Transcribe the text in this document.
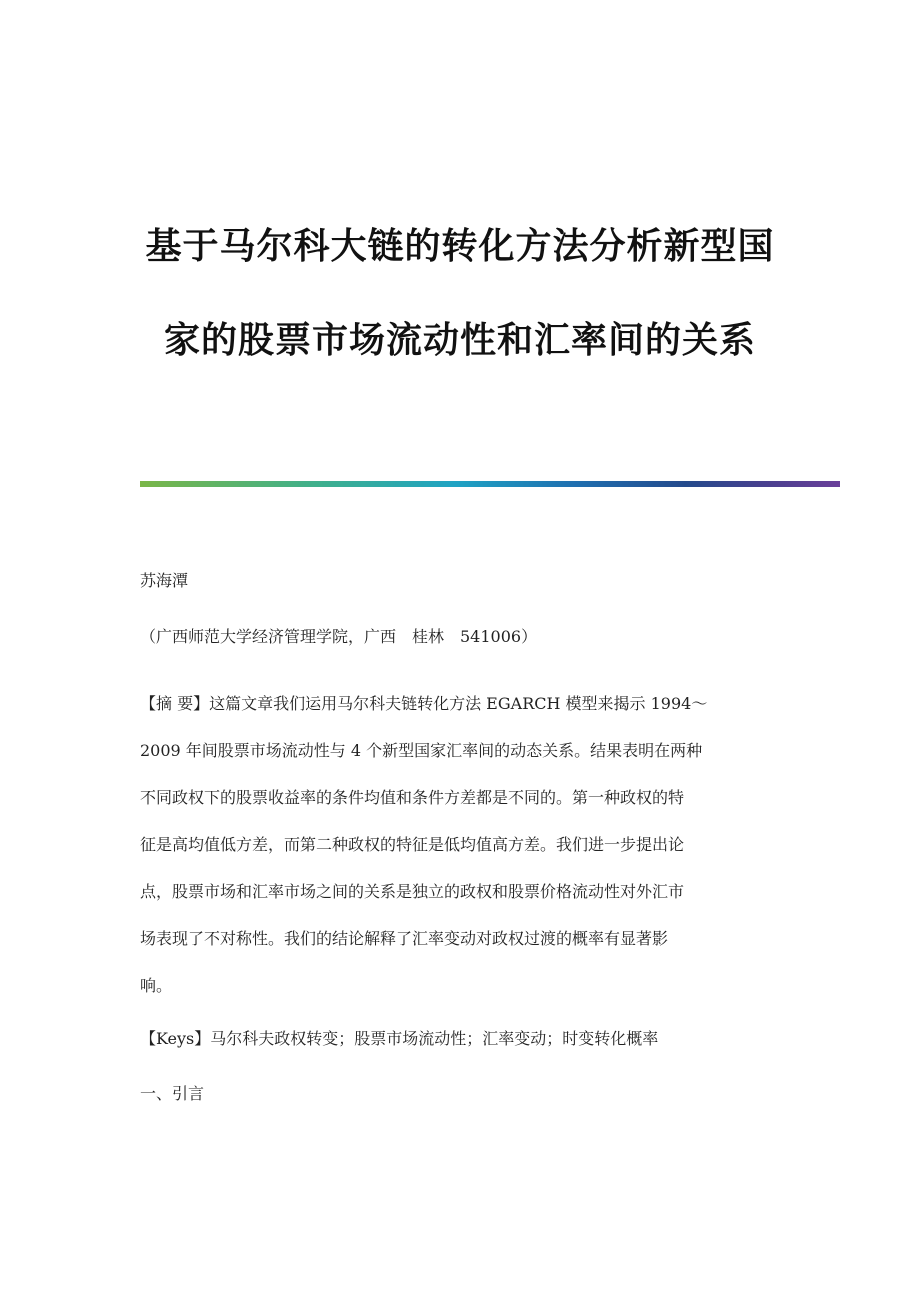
基于马尔科大链的转化方法分析新型国
家的股票市场流动性和汇率间的关系
苏海潭
（广西师范大学经济管理学院，广西　桂林　541006）
【摘 要】这篇文章我们运用马尔科夫链转化方法 EGARCH 模型来揭示 1994～
2009 年间股票市场流动性与 4 个新型国家汇率间的动态关系。结果表明在两种
不同政权下的股票收益率的条件均值和条件方差都是不同的。第一种政权的特
征是高均值低方差，而第二种政权的特征是低均值高方差。我们进一步提出论
点，股票市场和汇率市场之间的关系是独立的政权和股票价格流动性对外汇市
场表现了不对称性。我们的结论解释了汇率变动对政权过渡的概率有显著影
响。
【Keys】马尔科夫政权转变；股票市场流动性；汇率变动；时变转化概率
一、引言
